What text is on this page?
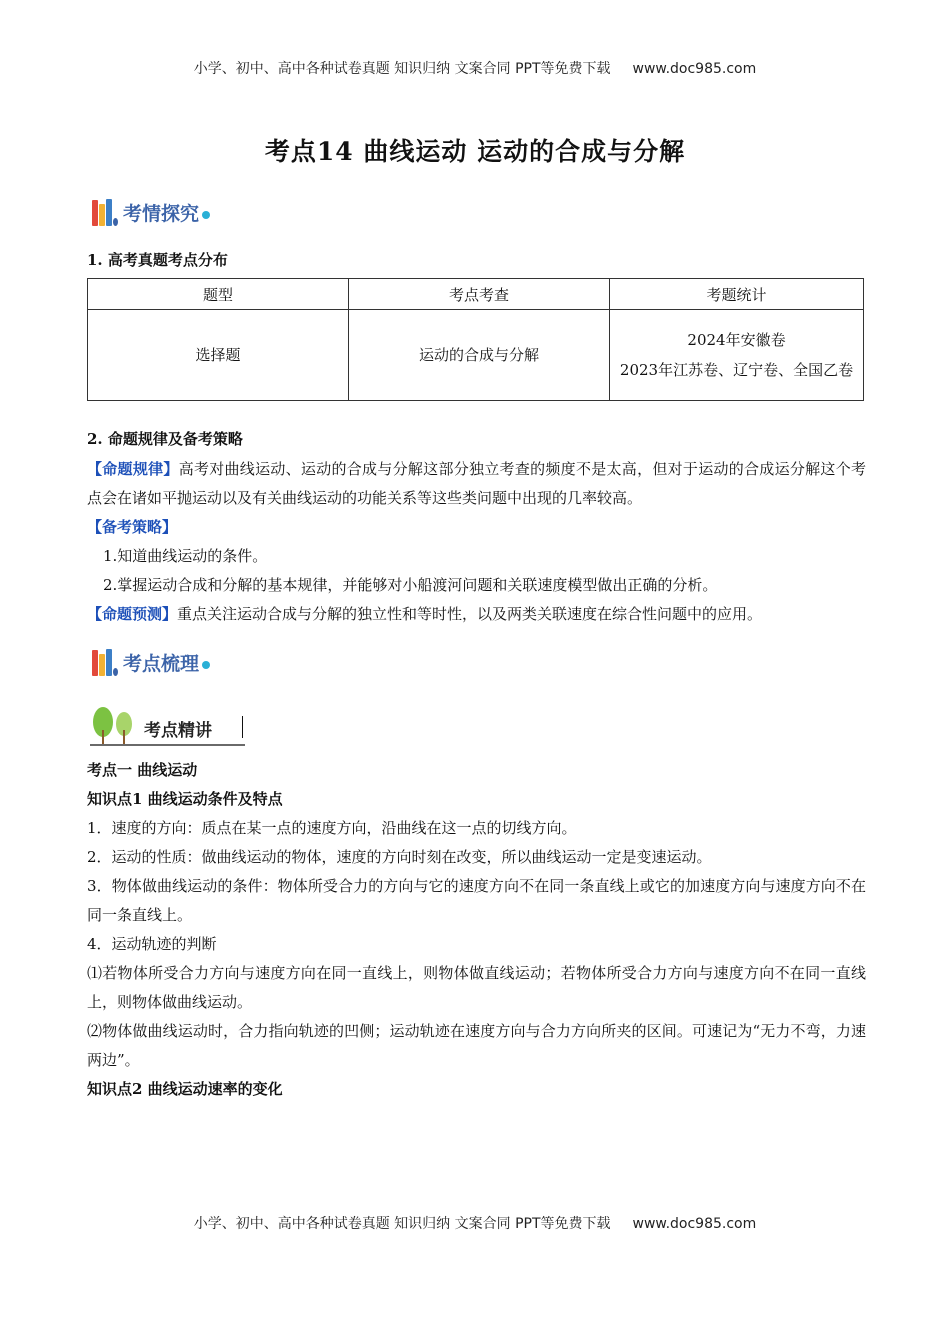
小学、初中、高中各种试卷真题 知识归纳 文案合同 PPT等免费下载 www.doc985.com
考点14 曲线运动 运动的合成与分解
考情探究
1. 高考真题考点分布
题型	考点考查	考题统计
选择题	运动的合成与分解	2024年安徽卷
2023年江苏卷、辽宁卷、全国乙卷
2. 命题规律及备考策略
【命题规律】高考对曲线运动、运动的合成与分解这部分独立考查的频度不是太高，但对于运动的合成运分解这个考点会在诸如平抛运动以及有关曲线运动的功能关系等这些类问题中出现的几率较高。
【备考策略】
1.知道曲线运动的条件。
2.掌握运动合成和分解的基本规律，并能够对小船渡河问题和关联速度模型做出正确的分析。
【命题预测】重点关注运动合成与分解的独立性和等时性，以及两类关联速度在综合性问题中的应用。
考点梳理
考点精讲
考点一 曲线运动
知识点1 曲线运动条件及特点
1．速度的方向：质点在某一点的速度方向，沿曲线在这一点的切线方向。
2．运动的性质：做曲线运动的物体，速度的方向时刻在改变，所以曲线运动一定是变速运动。
3．物体做曲线运动的条件：物体所受合力的方向与它的速度方向不在同一条直线上或它的加速度方向与速度方向不在同一条直线上。
4．运动轨迹的判断
⑴若物体所受合力方向与速度方向在同一直线上，则物体做直线运动；若物体所受合力方向与速度方向不在同一直线上，则物体做曲线运动。
⑵物体做曲线运动时，合力指向轨迹的凹侧；运动轨迹在速度方向与合力方向所夹的区间。可速记为“无力不弯，力速两边”。
知识点2 曲线运动速率的变化
小学、初中、高中各种试卷真题 知识归纳 文案合同 PPT等免费下载 www.doc985.com
